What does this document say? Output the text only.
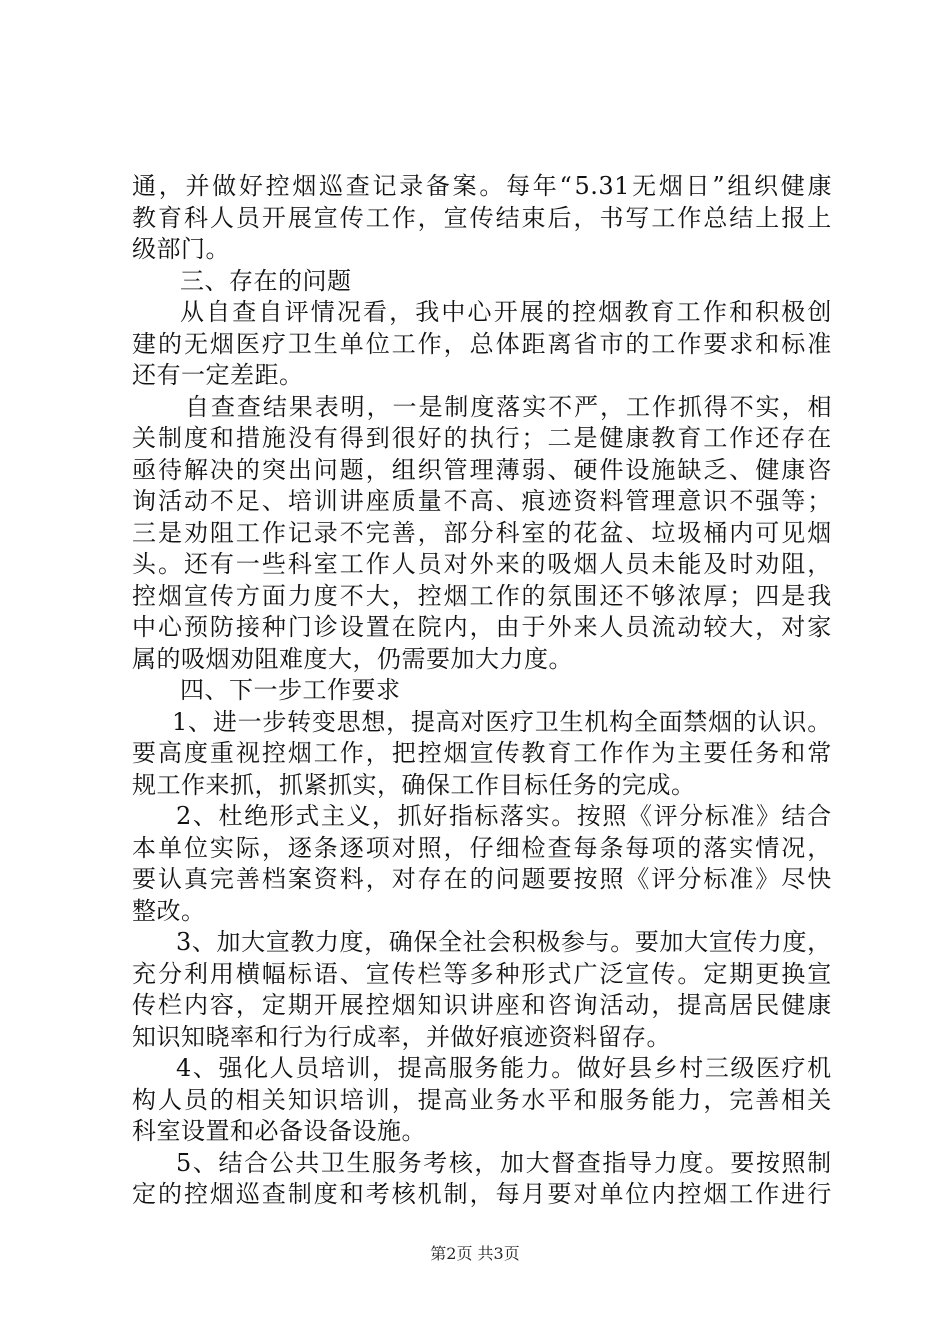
通 ， 并 做 好 控 烟 巡 查 记 录 备 案 。 每 年 “ 5.31 无 烟 日 ” 组 织 健 康
教 育 科 人 员 开 展 宣 传 工 作 ， 宣 传 结 束 后 ， 书 写 工 作 总 结 上 报 上
级部门。
三、存在的问题
从 自 查 自 评 情 况 看 ， 我 中 心 开 展 的 控 烟 教 育 工 作 和 积 极 创
建 的 无 烟 医 疗 卫 生 单 位 工 作 ， 总 体 距 离 省 市 的 工 作 要 求 和 标 准
还有一定差距。
自 查 查 结 果 表 明 ， 一 是 制 度 落 实 不 严 ， 工 作 抓 得 不 实 ， 相
关 制 度 和 措 施 没 有 得 到 很 好 的 执 行 ； 二 是 健 康 教 育 工 作 还 存 在
亟 待 解 决 的 突 出 问 题 ， 组 织 管 理 薄 弱 、 硬 件 设 施 缺 乏 、 健 康 咨
询 活 动 不 足 、 培 训 讲 座 质 量 不 高 、 痕 迹 资 料 管 理 意 识 不 强 等 ；
三 是 劝 阻 工 作 记 录 不 完 善 ， 部 分 科 室 的 花 盆 、 垃 圾 桶 内 可 见 烟
头 。 还 有 一 些 科 室 工 作 人 员 对 外 来 的 吸 烟 人 员 未 能 及 时 劝 阻 ，
控 烟 宣 传 方 面 力 度 不 大 ， 控 烟 工 作 的 氛 围 还 不 够 浓 厚 ； 四 是 我
中 心 预 防 接 种 门 诊 设 置 在 院 内 ， 由 于 外 来 人 员 流 动 较 大 ， 对 家
属的吸烟劝阻难度大，仍需要加大力度。
四、下一步工作要求
1 、 进 一 步 转 变 思 想 ， 提 高 对 医 疗 卫 生 机 构 全 面 禁 烟 的 认 识 。
要 高 度 重 视 控 烟 工 作 ， 把 控 烟 宣 传 教 育 工 作 作 为 主 要 任 务 和 常
规工作来抓，抓紧抓实，确保工作目标任务的完成。
2 、 杜 绝 形 式 主 义 ， 抓 好 指 标 落 实 。 按 照 《 评 分 标 准 》 结 合
本 单 位 实 际 ， 逐 条 逐 项 对 照 ， 仔 细 检 查 每 条 每 项 的 落 实 情 况 ，
要 认 真 完 善 档 案 资 料 ， 对 存 在 的 问 题 要 按 照 《 评 分 标 准 》 尽 快
整改。
3 、 加 大 宣 教 力 度 ， 确 保 全 社 会 积 极 参 与 。 要 加 大 宣 传 力 度 ，
充 分 利 用 横 幅 标 语 、 宣 传 栏 等 多 种 形 式 广 泛 宣 传 。 定 期 更 换 宣
传 栏 内 容 ， 定 期 开 展 控 烟 知 识 讲 座 和 咨 询 活 动 ， 提 高 居 民 健 康
知识知晓率和行为行成率，并做好痕迹资料留存。
4 、 强 化 人 员 培 训 ， 提 高 服 务 能 力 。 做 好 县 乡 村 三 级 医 疗 机
构 人 员 的 相 关 知 识 培 训 ， 提 高 业 务 水 平 和 服 务 能 力 ， 完 善 相 关
科室设置和必备设备设施。
5 、 结 合 公 共 卫 生 服 务 考 核 ， 加 大 督 查 指 导 力 度 。 要 按 照 制
定 的 控 烟 巡 查 制 度 和 考 核 机 制 ， 每 月 要 对 单 位 内 控 烟 工 作 进 行
第2页 共3页
